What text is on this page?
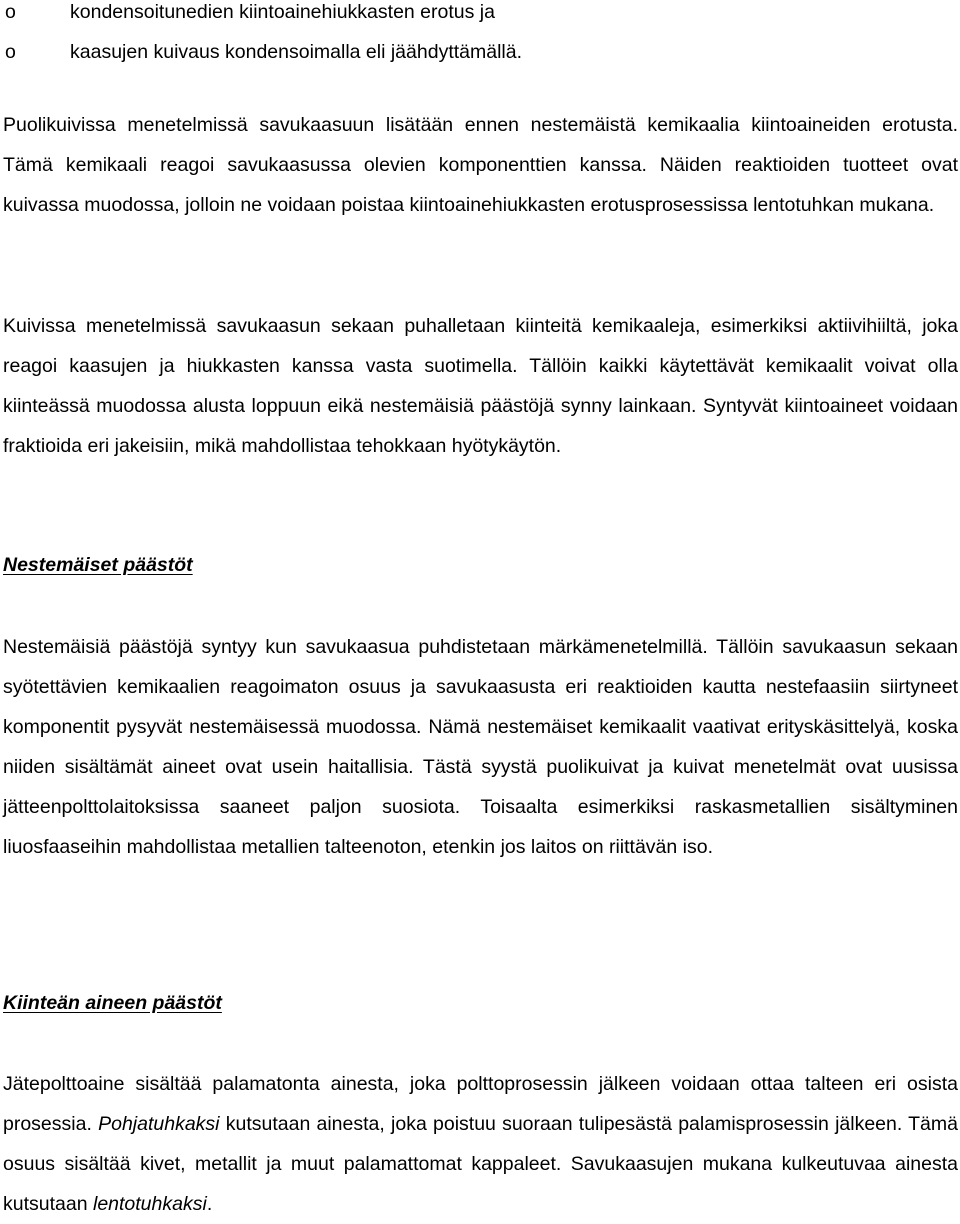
o	kondensoitunedien kiintoainehiukkasten erotus ja
o	kaasujen kuivaus kondensoimalla eli jäähdyttämällä.

Puolikuivissa menetelmissä savukaasuun lisätään ennen nestemäistä kemikaalia kiintoaineiden erotusta. Tämä kemikaali reagoi savukaasussa olevien komponenttien kanssa. Näiden reaktioiden tuotteet ovat kuivassa muodossa, jolloin ne voidaan poistaa kiintoainehiukkasten erotusprosessissa lentotuhkan mukana.

Kuivissa menetelmissä savukaasun sekaan puhalletaan kiinteitä kemikaaleja, esimerkiksi aktiivihiiltä, joka reagoi kaasujen ja hiukkasten kanssa vasta suotimella. Tällöin kaikki käytettävät kemikaalit voivat olla kiinteässä muodossa alusta loppuun eikä nestemäisiä päästöjä synny lainkaan. Syntyvät kiintoaineet voidaan fraktioida eri jakeisiin, mikä mahdollistaa tehokkaan hyötykäytön.

Nestemäiset päästöt

Nestemäisiä päästöjä syntyy kun savukaasua puhdistetaan märkämenetelmillä. Tällöin savukaasun sekaan syötettävien kemikaalien reagoimaton osuus ja savukaasusta eri reaktioiden kautta nestefaasiin siirtyneet komponentit pysyvät nestemäisessä muodossa. Nämä nestemäiset kemikaalit vaativat erityskäsittelyä, koska niiden sisältämät aineet ovat usein haitallisia. Tästä syystä puolikuivat ja kuivat menetelmät ovat uusissa jätteenpolttolaitoksissa saaneet paljon suosiota. Toisaalta esimerkiksi raskasmetallien sisältyminen liuosfaaseihin mahdollistaa metallien talteenoton, etenkin jos laitos on riittävän iso.

Kiinteän aineen päästöt

Jätepolttoaine sisältää palamatonta ainesta, joka polttoprosessin jälkeen voidaan ottaa talteen eri osista prosessia. Pohjatuhkaksi kutsutaan ainesta, joka poistuu suoraan tulipesästä palamisprosessin jälkeen. Tämä osuus sisältää kivet, metallit ja muut palamattomat kappaleet. Savukaasujen mukana kulkeutuvaa ainesta kutsutaan lentotuhkaksi.
